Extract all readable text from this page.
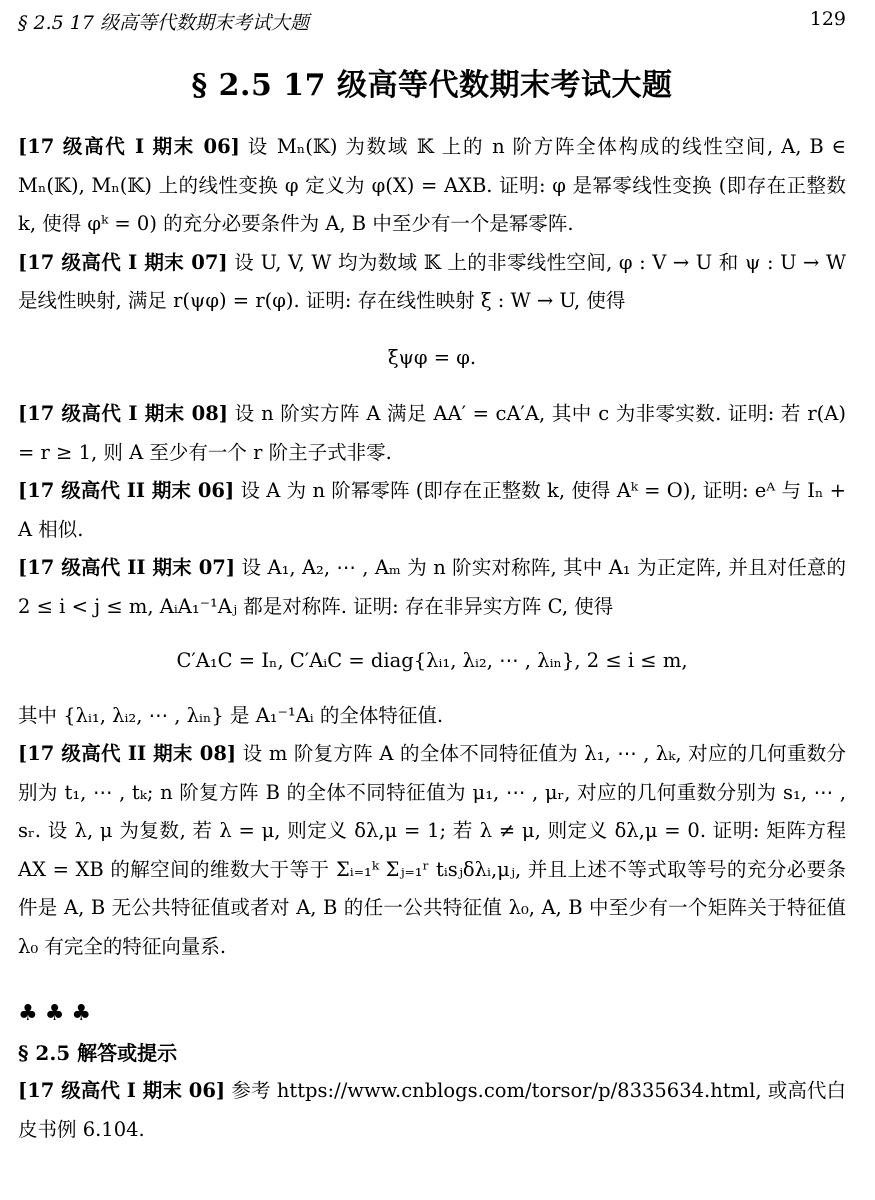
§ 2.5 17 级高等代数期末考试大题	129
§ 2.5 17 级高等代数期末考试大题

[17 级高代 I 期末 06] 设 Mₙ(𝕂) 为数域 𝕂 上的 n 阶方阵全体构成的线性空间, A, B ∈ Mₙ(𝕂), Mₙ(𝕂) 上的线性变换 φ 定义为 φ(X) = AXB. 证明: φ 是幂零线性变换 (即存在正整数 k, 使得 φᵏ = 0) 的充分必要条件为 A, B 中至少有一个是幂零阵.

[17 级高代 I 期末 07] 设 U, V, W 均为数域 𝕂 上的非零线性空间, φ : V → U 和 ψ : U → W 是线性映射, 满足 r(ψφ) = r(φ). 证明: 存在线性映射 ξ : W → U, 使得

ξψφ = φ.

[17 级高代 I 期末 08] 设 n 阶实方阵 A 满足 AA′ = cA′A, 其中 c 为非零实数. 证明: 若 r(A) = r ≥ 1, 则 A 至少有一个 r 阶主子式非零.

[17 级高代 II 期末 06] 设 A 为 n 阶幂零阵 (即存在正整数 k, 使得 Aᵏ = O), 证明: eᴬ 与 Iₙ + A 相似.

[17 级高代 II 期末 07] 设 A₁, A₂, ⋯ , Aₘ 为 n 阶实对称阵, 其中 A₁ 为正定阵, 并且对任意的 2 ≤ i < j ≤ m, AᵢA₁⁻¹Aⱼ 都是对称阵. 证明: 存在非异实方阵 C, 使得

C′A₁C = Iₙ, C′AᵢC = diag{λᵢ₁, λᵢ₂, ⋯ , λᵢₙ}, 2 ≤ i ≤ m,

其中 {λᵢ₁, λᵢ₂, ⋯ , λᵢₙ} 是 A₁⁻¹Aᵢ 的全体特征值.

[17 级高代 II 期末 08] 设 m 阶复方阵 A 的全体不同特征值为 λ₁, ⋯ , λₖ, 对应的几何重数分别为 t₁, ⋯ , tₖ; n 阶复方阵 B 的全体不同特征值为 μ₁, ⋯ , μᵣ, 对应的几何重数分别为 s₁, ⋯ , sᵣ. 设 λ, μ 为复数, 若 λ = μ, 则定义 δλ,μ = 1; 若 λ ≠ μ, 则定义 δλ,μ = 0. 证明: 矩阵方程 AX = XB 的解空间的维数大于等于 Σᵢ₌₁ᵏ Σⱼ₌₁ʳ tᵢsⱼδλᵢ,μⱼ, 并且上述不等式取等号的充分必要条件是 A, B 无公共特征值或者对 A, B 的任一公共特征值 λ₀, A, B 中至少有一个矩阵关于特征值 λ₀ 有完全的特征向量系.

♣ ♣ ♣
§ 2.5 解答或提示

[17 级高代 I 期末 06] 参考 https://www.cnblogs.com/torsor/p/8335634.html, 或高代白皮书例 6.104.
